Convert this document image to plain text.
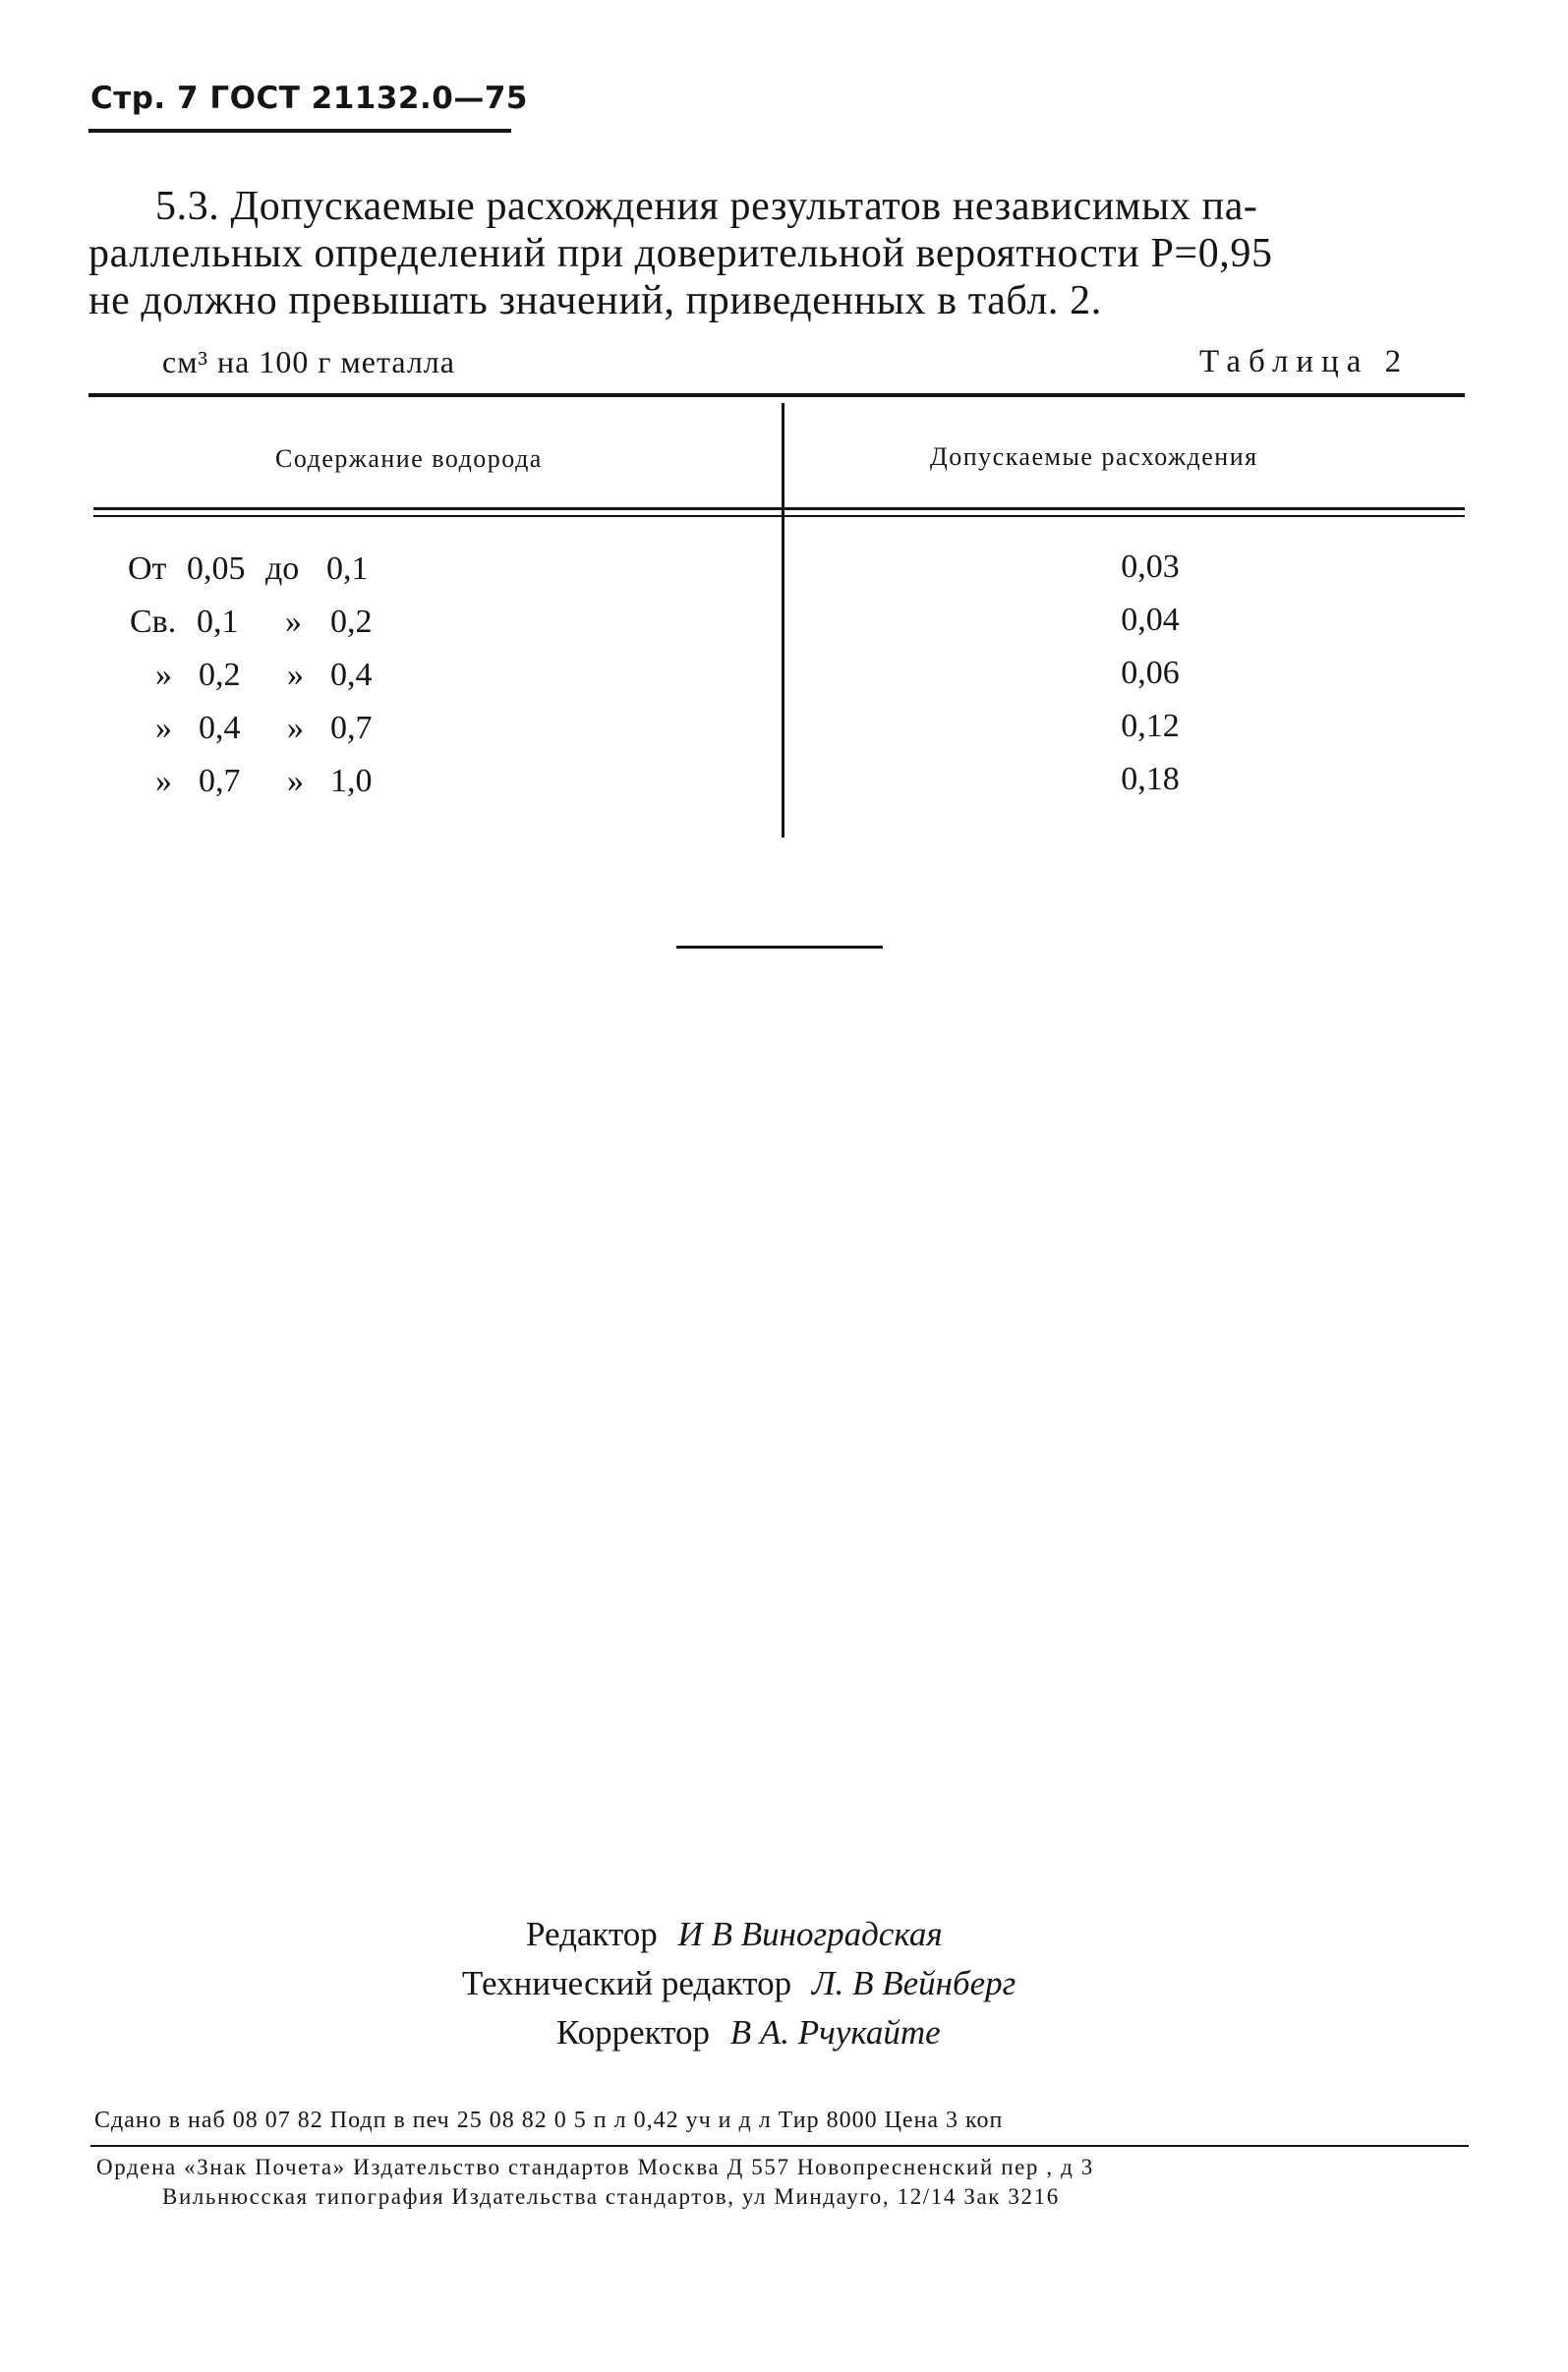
Стр. 7 ГОСТ 21132.0—75
5.3. Допускаемые расхождения результатов независимых па-
раллельных определений при доверительной вероятности Р=0,95
не должно превышать значений, приведенных в табл. 2.
см³ на 100 г металла	Таблица 2
Содержание водорода	Допускаемые расхождения
От 0,05 до 0,1	0,03
Св. 0,1 » 0,2	0,04
» 0,2 » 0,4	0,06
» 0,4 » 0,7	0,12
» 0,7 » 1,0	0,18
Редактор И В Виноградская
Технический редактор Л. В Вейнберг
Корректор В А. Рчукайте
Сдано в наб 08 07 82 Подп в печ 25 08 82 0 5 п л 0,42 уч и д л Тир 8000 Цена 3 коп
Ордена «Знак Почета» Издательство стандартов Москва Д 557 Новопресненский пер , д 3
Вильнюсская типография Издательства стандартов, ул Миндауго, 12/14 Зак 3216
